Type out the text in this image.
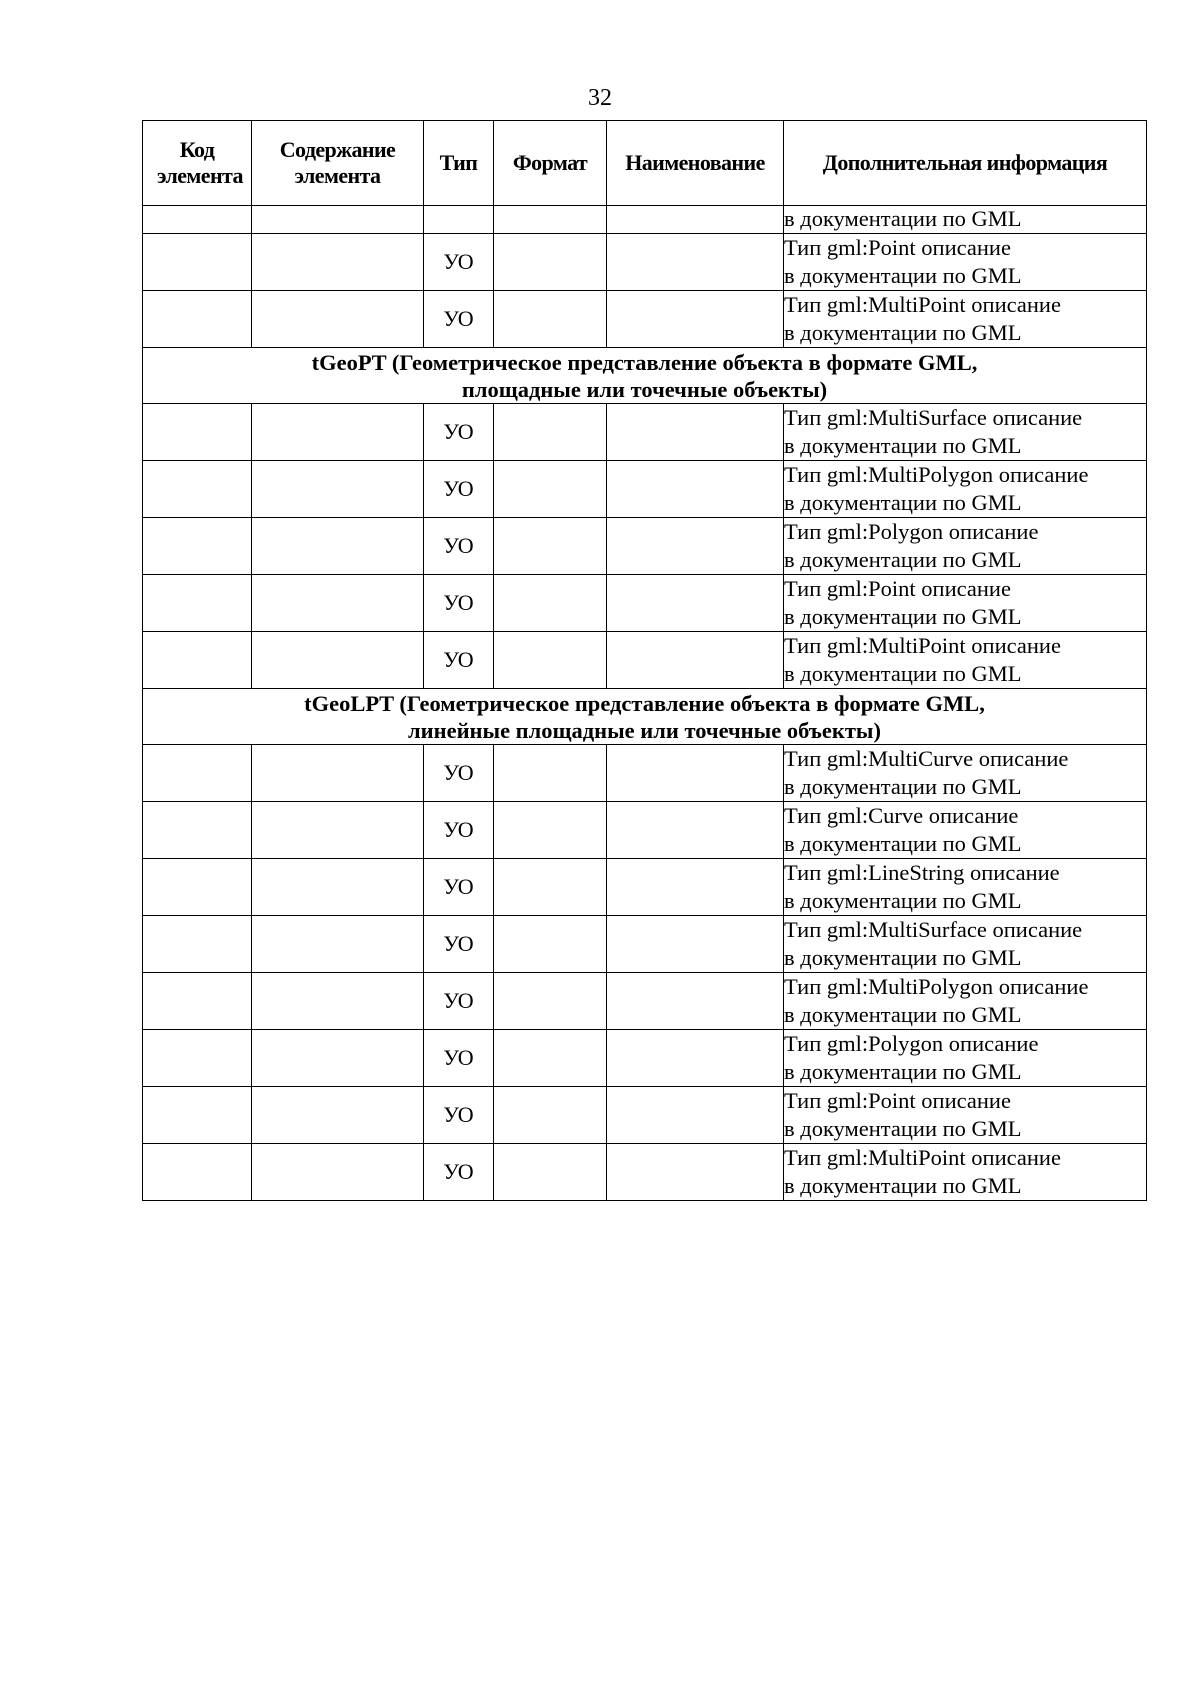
32
Код элемента	Содержание элемента	Тип	Формат	Наименование	Дополнительная информация
					в документации по GML
		УО			Тип gml:Point описание
в документации по GML

		УО			Тип gml:MultiPoint описание
в документации по GML

tGeoPT (Геометрическое представление объекта в формате GML,
площадные или точечные объекты)					

		УО			Тип gml:MultiSurface описание
в документации по GML

		УО			Тип gml:MultiPolygon описание
в документации по GML

		УО			Тип gml:Polygon описание
в документации по GML

		УО			Тип gml:Point описание
в документации по GML

		УО			Тип gml:MultiPoint описание
в документации по GML

tGeoLPT (Геометрическое представление объекта в формате GML,
линейные площадные или точечные объекты)					

		УО			Тип gml:MultiCurve описание
в документации по GML

		УО			Тип gml:Curve описание
в документации по GML

		УО			Тип gml:LineString описание
в документации по GML

		УО			Тип gml:MultiSurface описание
в документации по GML

		УО			Тип gml:MultiPolygon описание
в документации по GML

		УО			Тип gml:Polygon описание
в документации по GML

		УО			Тип gml:Point описание
в документации по GML

		УО			Тип gml:MultiPoint описание
в документации по GML
